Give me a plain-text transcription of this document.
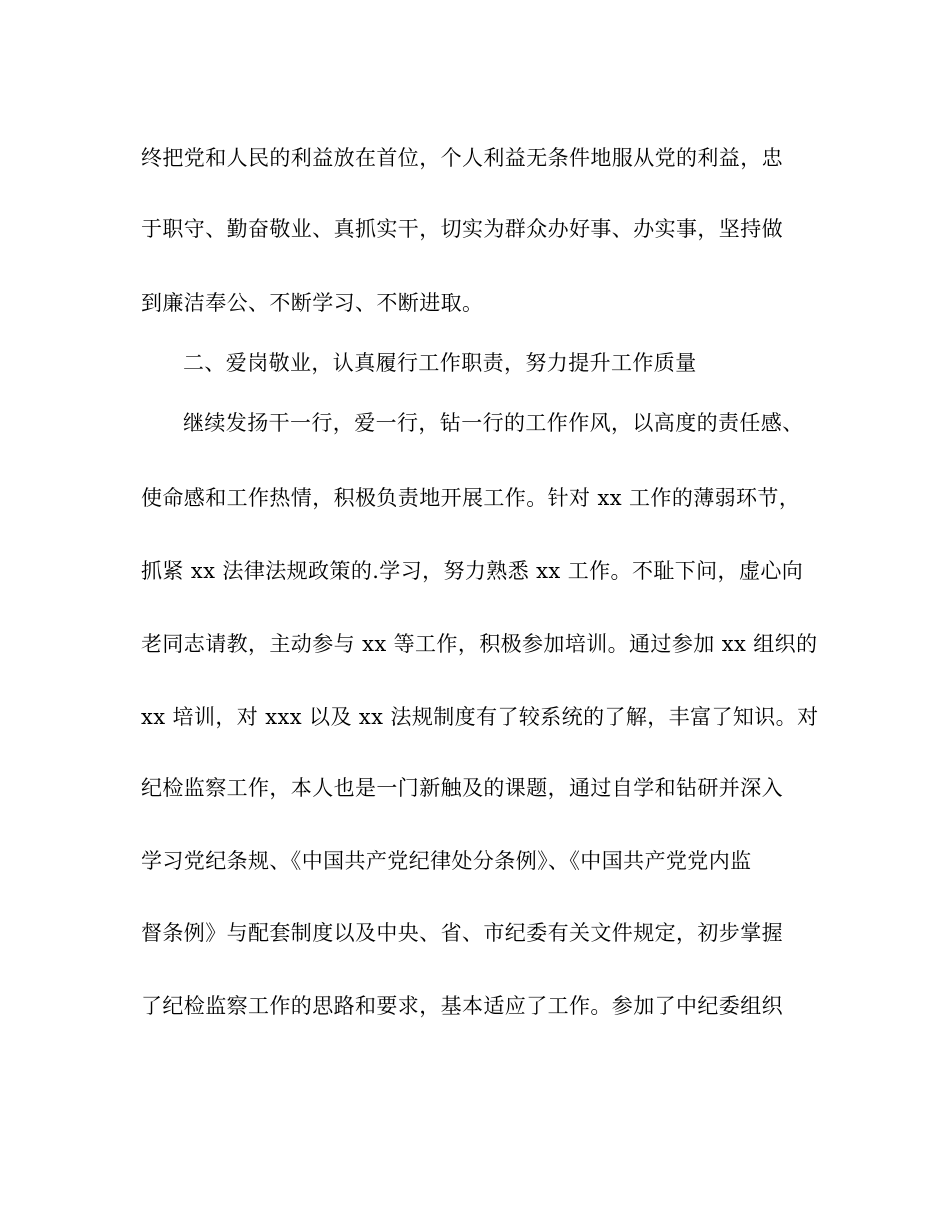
终把党和人民的利益放在首位，个人利益无条件地服从党的利益，忠
于职守、勤奋敬业、真抓实干，切实为群众办好事、办实事，坚持做
到廉洁奉公、不断学习、不断进取。
二、爱岗敬业，认真履行工作职责，努力提升工作质量
继续发扬干一行，爱一行，钻一行的工作作风，以高度的责任感、
使命感和工作热情，积极负责地开展工作。针对 xx 工作的薄弱环节，
抓紧 xx 法律法规政策的.学习，努力熟悉 xx 工作。不耻下问，虚心向
老同志请教，主动参与 xx 等工作，积极参加培训。通过参加 xx 组织的
xx 培训，对 xxx 以及 xx 法规制度有了较系统的了解，丰富了知识。对
纪检监察工作，本人也是一门新触及的课题，通过自学和钻研并深入
学习党纪条规、《中国共产党纪律处分条例》、《中国共产党党内监
督条例》与配套制度以及中央、省、市纪委有关文件规定，初步掌握
了纪检监察工作的思路和要求，基本适应了工作。参加了中纪委组织
